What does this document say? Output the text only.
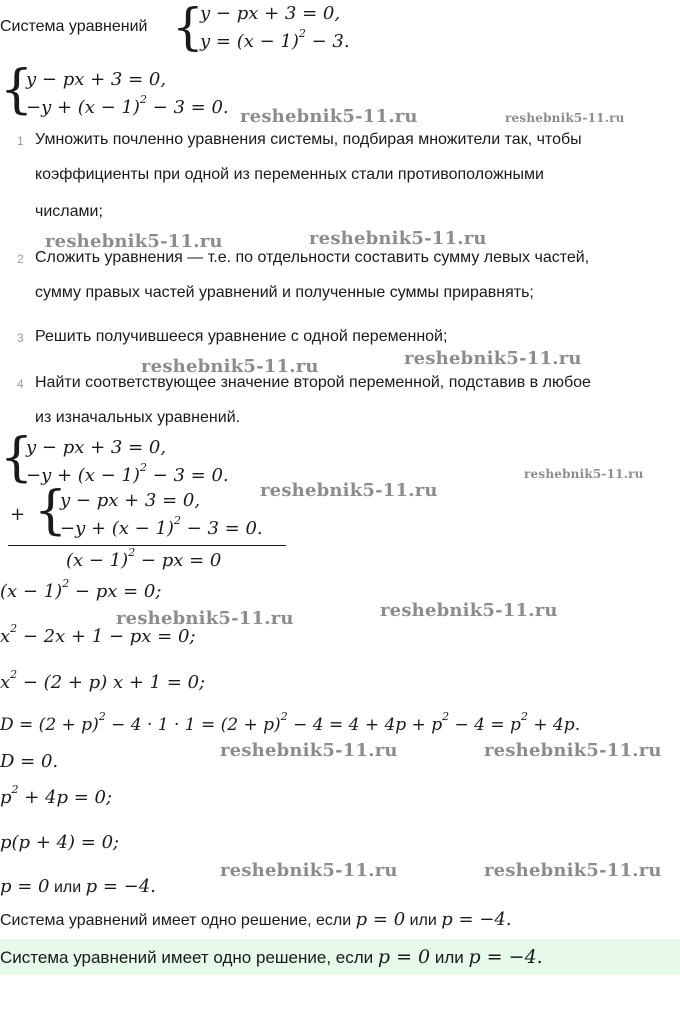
Система уравнений {
y − px + 3 = 0,
$y = (x - 1)^2 - 3$.
{
y − px + 3 = 0,
$-y + (x - 1)^2 - 3 = 0$.
1 Умножить почленно уравнения системы, подбирая множители так, чтобы
коэффициенты при одной из переменных стали противоположными
числами;
2 Сложить уравнения — т.е. по отдельности составить сумму левых частей,
сумму правых частей уравнений и полученные суммы приравнять;
3 Решить получившееся уравнение с одной переменной;
4 Найти соответствующее значение второй переменной, подставив в любое
из изначальных уравнений.
{
y − px + 3 = 0,
$-y + (x - 1)^2 - 3 = 0$.
+ {
y − px + 3 = 0,
$-y + (x - 1)^2 - 3 = 0$.
$(x - 1)^2$ − px = 0
$(x - 1)^2$ − px = 0;
$x^2 - 2x + 1$ − px = 0;
$x^2 - (2 + p) x + 1 = 0$;
$D = (2 + p)^2 - 4 \cdot 1 \cdot 1 = (2 + p)^2 - 4 = 4 + 4p + p^2 - 4 = p^2 + 4p$.
D = 0.
$p^2 + 4p = 0$;
p(p + 4) = 0;
p = 0 или p = −4.
Система уравнений имеет одно решение, если p = 0 или p = −4.
Система уравнений имеет одно решение, если p = 0 или p = −4.
reshebnik5-11.ru	reshebnik5-11.ru
reshebnik5-11.ru	reshebnik5-11.ru
reshebnik5-11.ru	reshebnik5-11.ru
reshebnik5-11.ru
reshebnik5-11.ru
reshebnik5-11.ru
reshebnik5-11.ru
reshebnik5-11.ru	reshebnik5-11.ru
reshebnik5-11.ru	reshebnik5-11.ru
